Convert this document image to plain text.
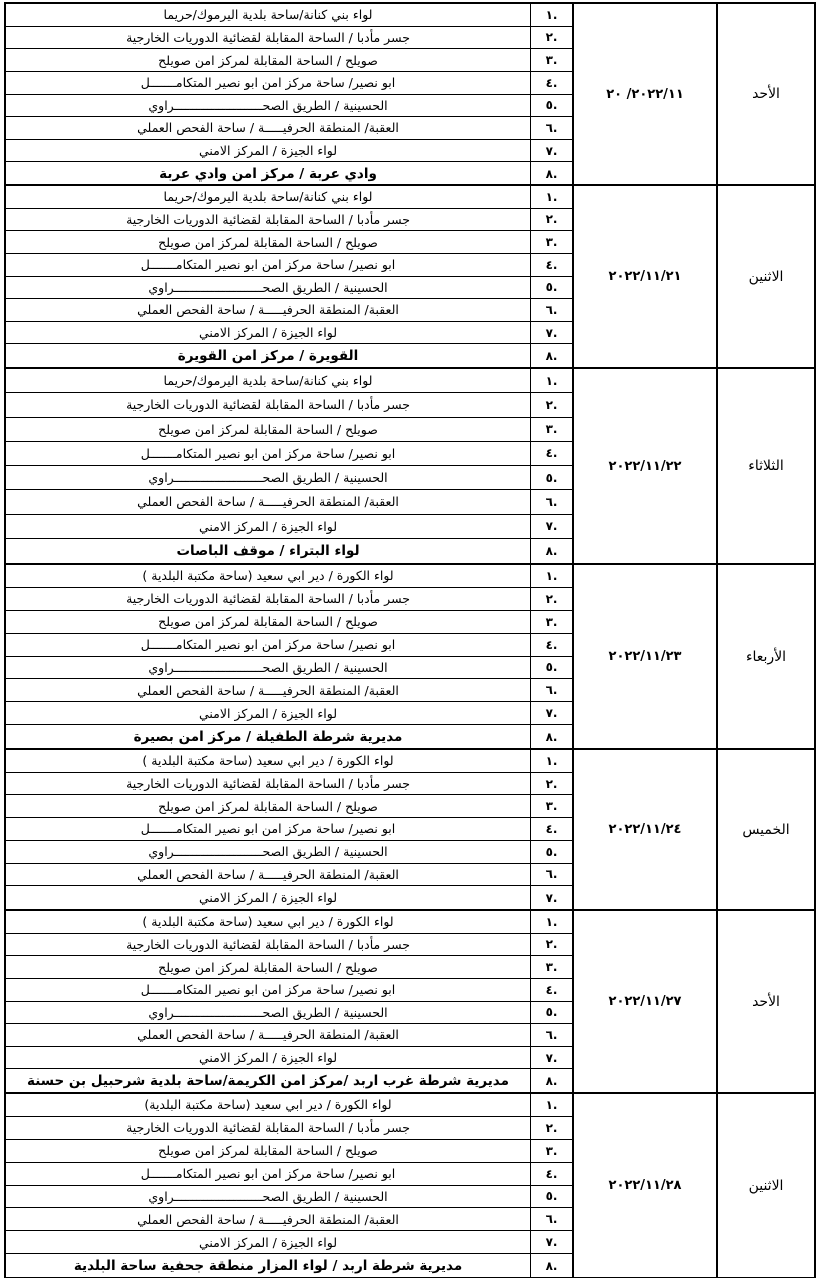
الأحد
٢٠٢٢/١١/ ٢٠
.١
لواء بني كنانة/ساحة بلدية اليرموك/حريما
.٢
جسر مأدبا / الساحة المقابلة لقضائية الدوريات الخارجية
.٣
صويلح / الساحة المقابلة لمركز امن صويلح
.٤
ابو نصير/ ساحة مركز امن ابو نصير المتكامـــــــل
.٥
الحسينية / الطريق الصحــــــــــــــــــــــــراوي
.٦
العقبة/ المنطقة الحرفيـــــة / ساحة الفحص العملي
.٧
لواء الجيزة / المركز الامني
.٨
وادي عربة / مركز امن وادي عربة
الاثنين
٢٠٢٢/١١/٢١
.١
لواء بني كنانة/ساحة بلدية اليرموك/حريما
.٢
جسر مأدبا / الساحة المقابلة لقضائية الدوريات الخارجية
.٣
صويلح / الساحة المقابلة لمركز امن صويلح
.٤
ابو نصير/ ساحة مركز امن ابو نصير المتكامـــــــل
.٥
الحسينية / الطريق الصحــــــــــــــــــــــــراوي
.٦
العقبة/ المنطقة الحرفيـــــة / ساحة الفحص العملي
.٧
لواء الجيزة / المركز الامني
.٨
القويرة / مركز امن القويرة
الثلاثاء
٢٠٢٢/١١/٢٢
.١
لواء بني كنانة/ساحة بلدية اليرموك/حريما
.٢
جسر مأدبا / الساحة المقابلة لقضائية الدوريات الخارجية
.٣
صويلح / الساحة المقابلة لمركز امن صويلح
.٤
ابو نصير/ ساحة مركز امن ابو نصير المتكامـــــــل
.٥
الحسينية / الطريق الصحــــــــــــــــــــــــراوي
.٦
العقبة/ المنطقة الحرفيـــــة / ساحة الفحص العملي
.٧
لواء الجيزة / المركز الامني
.٨
لواء البتراء / موقف الباصات
الأربعاء
٢٠٢٢/١١/٢٣
.١
لواء الكورة / دير ابي سعيد (ساحة مكتبة البلدية )
.٢
جسر مأدبا / الساحة المقابلة لقضائية الدوريات الخارجية
.٣
صويلح / الساحة المقابلة لمركز امن صويلح
.٤
ابو نصير/ ساحة مركز امن ابو نصير المتكامـــــــل
.٥
الحسينية / الطريق الصحــــــــــــــــــــــــراوي
.٦
العقبة/ المنطقة الحرفيـــــة / ساحة الفحص العملي
.٧
لواء الجيزة / المركز الامني
.٨
مديرية شرطة الطفيلة / مركز امن بصيرة
الخميس
٢٠٢٢/١١/٢٤
.١
لواء الكورة / دير ابي سعيد (ساحة مكتبة البلدية )
.٢
جسر مأدبا / الساحة المقابلة لقضائية الدوريات الخارجية
.٣
صويلح / الساحة المقابلة لمركز امن صويلح
.٤
ابو نصير/ ساحة مركز امن ابو نصير المتكامـــــــل
.٥
الحسينية / الطريق الصحــــــــــــــــــــــــراوي
.٦
العقبة/ المنطقة الحرفيـــــة / ساحة الفحص العملي
.٧
لواء الجيزة / المركز الامني
الأحد
٢٠٢٢/١١/٢٧
.١
لواء الكورة / دير ابي سعيد (ساحة مكتبة البلدية )
.٢
جسر مأدبا / الساحة المقابلة لقضائية الدوريات الخارجية
.٣
صويلح / الساحة المقابلة لمركز امن صويلح
.٤
ابو نصير/ ساحة مركز امن ابو نصير المتكامـــــــل
.٥
الحسينية / الطريق الصحــــــــــــــــــــــــراوي
.٦
العقبة/ المنطقة الحرفيـــــة / ساحة الفحص العملي
.٧
لواء الجيزة / المركز الامني
.٨
مديرية شرطة غرب اربد /مركز امن الكريمة/ساحة بلدية شرحبيل بن حسنة
الاثنين
٢٠٢٢/١١/٢٨
.١
لواء الكورة / دير ابي سعيد (ساحة مكتبة البلدية)
.٢
جسر مأدبا / الساحة المقابلة لقضائية الدوريات الخارجية
.٣
صويلح / الساحة المقابلة لمركز امن صويلح
.٤
ابو نصير/ ساحة مركز امن ابو نصير المتكامـــــــل
.٥
الحسينية / الطريق الصحــــــــــــــــــــــــراوي
.٦
العقبة/ المنطقة الحرفيـــــة / ساحة الفحص العملي
.٧
لواء الجيزة / المركز الامني
.٨
مديرية شرطة اربد / لواء المزار منطقة جحفية ساحة البلدية
